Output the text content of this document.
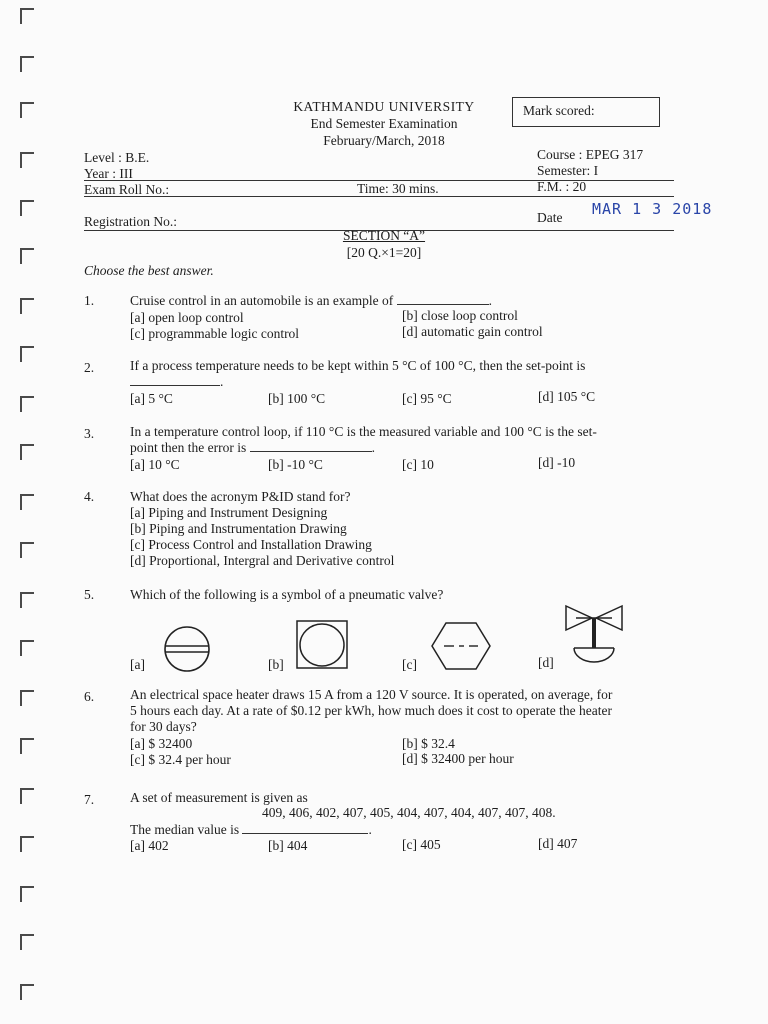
KATHMANDU UNIVERSITY
End Semester Examination
February/March, 2018
Mark scored:
Level : B.E.
Year : III
Exam Roll No.:	Time: 30 mins.
Course : EPEG 317
Semester: I
F.M. : 20
Registration No.:	Date MAR 1 3 2018
SECTION “A”
[20 Q.×1=20]
Choose the best answer.
1.	Cruise control in an automobile is an example of	.
[a] open loop control	[b] close loop control
[c] programmable logic control	[d] automatic gain control
2.	If a process temperature needs to be kept within 5 °C of 100 °C, then the set-point is
.
[a] 5 °C	[b] 100 °C	[c] 95 °C	[d] 105 °C
3.	In a temperature control loop, if 110 °C is the measured variable and 100 °C is the set-
point then the error is	.
[a] 10 °C	[b] -10 °C	[c] 10	[d] -10
4.	What does the acronym P&ID stand for?
[a] Piping and Instrument Designing
[b] Piping and Instrumentation Drawing
[c] Process Control and Installation Drawing
[d] Proportional, Intergral and Derivative control
5.	Which of the following is a symbol of a pneumatic valve?
[a]	[b]	[c]	[d]
6.	An electrical space heater draws 15 A from a 120 V source. It is operated, on average, for
5 hours each day. At a rate of $0.12 per kWh, how much does it cost to operate the heater
for 30 days?
[a] $ 32400	[b] $ 32.4
[c] $ 32.4 per hour	[d] $ 32400 per hour
7.	A set of measurement is given as
409, 406, 402, 407, 405, 404, 407, 404, 407, 407, 408.
The median value is	.
[a] 402	[b] 404	[c] 405	[d] 407
